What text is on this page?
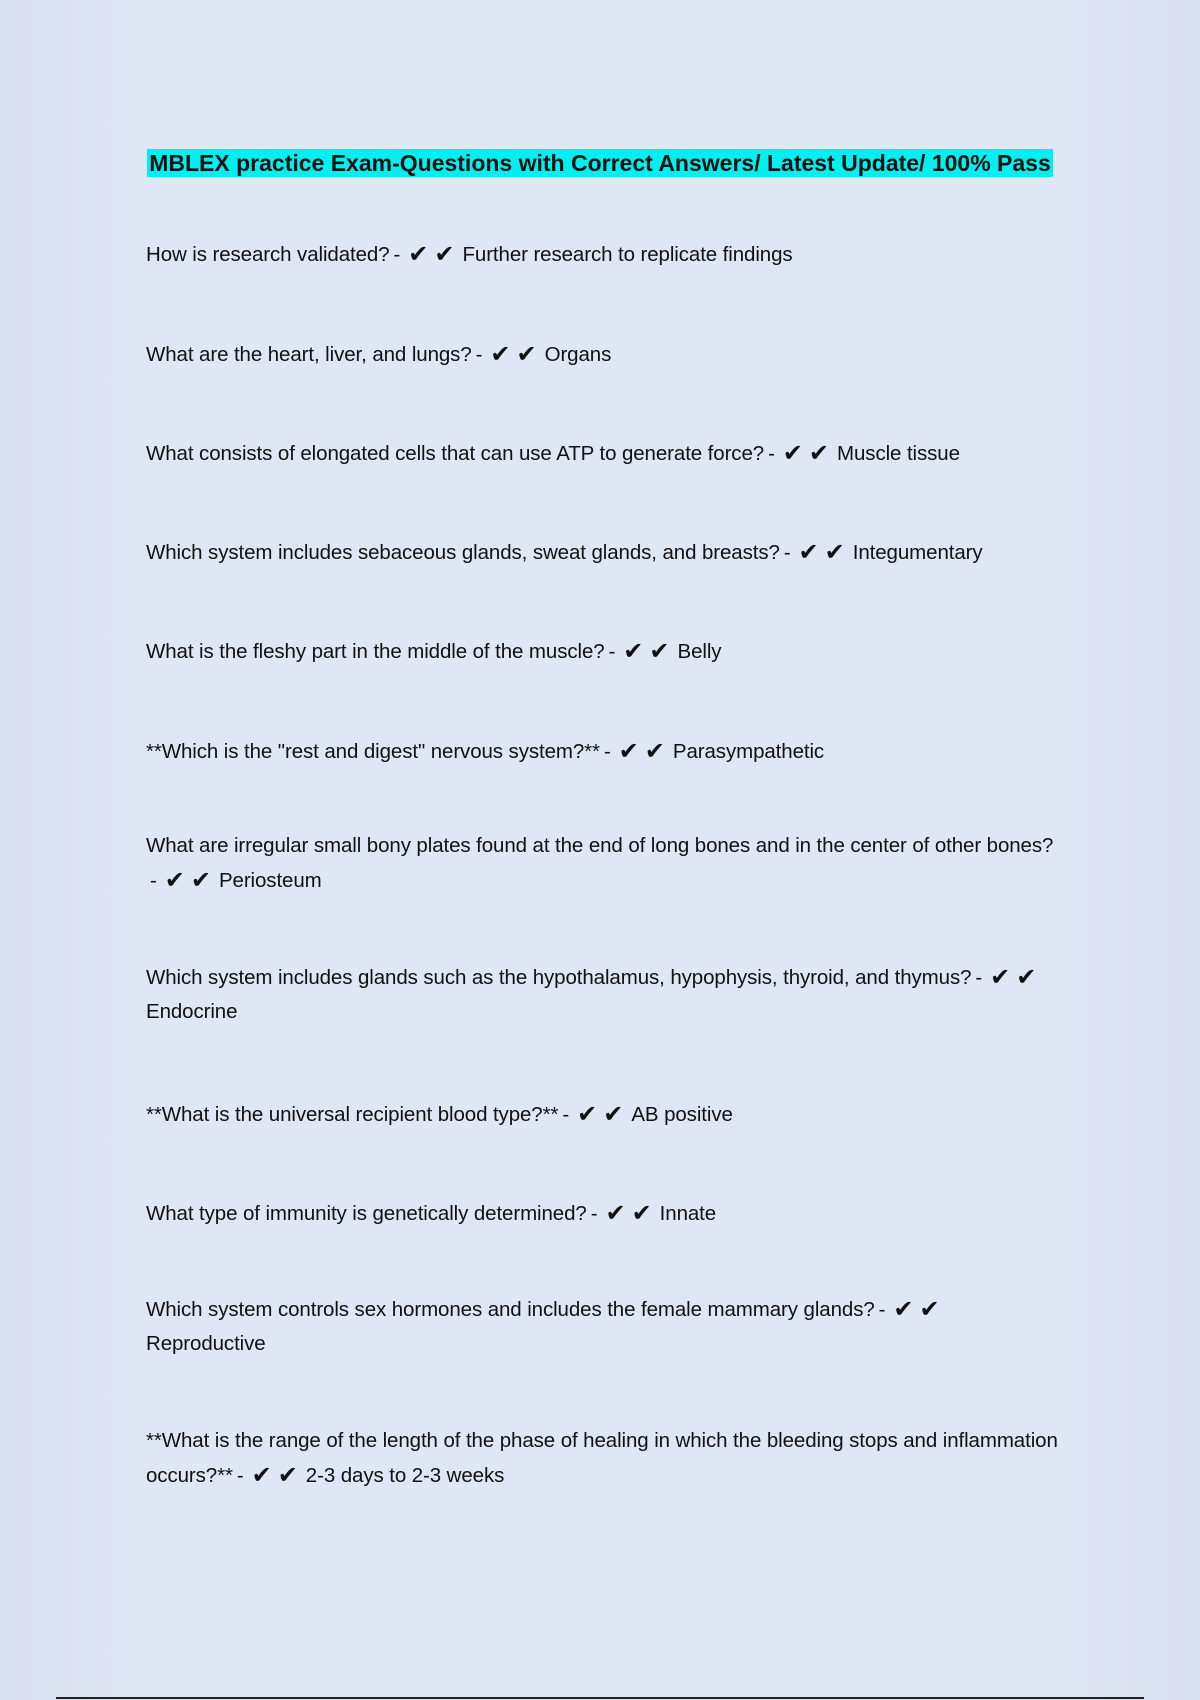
MBLEX practice Exam-Questions with Correct Answers/ Latest Update/ 100% Pass
How is research validated? - ✔✔Further research to replicate findings
What are the heart, liver, and lungs? - ✔✔Organs
What consists of elongated cells that can use ATP to generate force? - ✔✔Muscle tissue
Which system includes sebaceous glands, sweat glands, and breasts? - ✔✔Integumentary
What is the fleshy part in the middle of the muscle? - ✔✔Belly
**Which is the "rest and digest" nervous system?** - ✔✔Parasympathetic
What are irregular small bony plates found at the end of long bones and in the center of other bones?- ✔✔Periosteum
Which system includes glands such as the hypothalamus, hypophysis, thyroid, and thymus? - ✔✔Endocrine
**What is the universal recipient blood type?** - ✔✔AB positive
What type of immunity is genetically determined? - ✔✔Innate
Which system controls sex hormones and includes the female mammary glands? - ✔✔Reproductive
**What is the range of the length of the phase of healing in which the bleeding stops and inflammation occurs?** - ✔✔2-3 days to 2-3 weeks
